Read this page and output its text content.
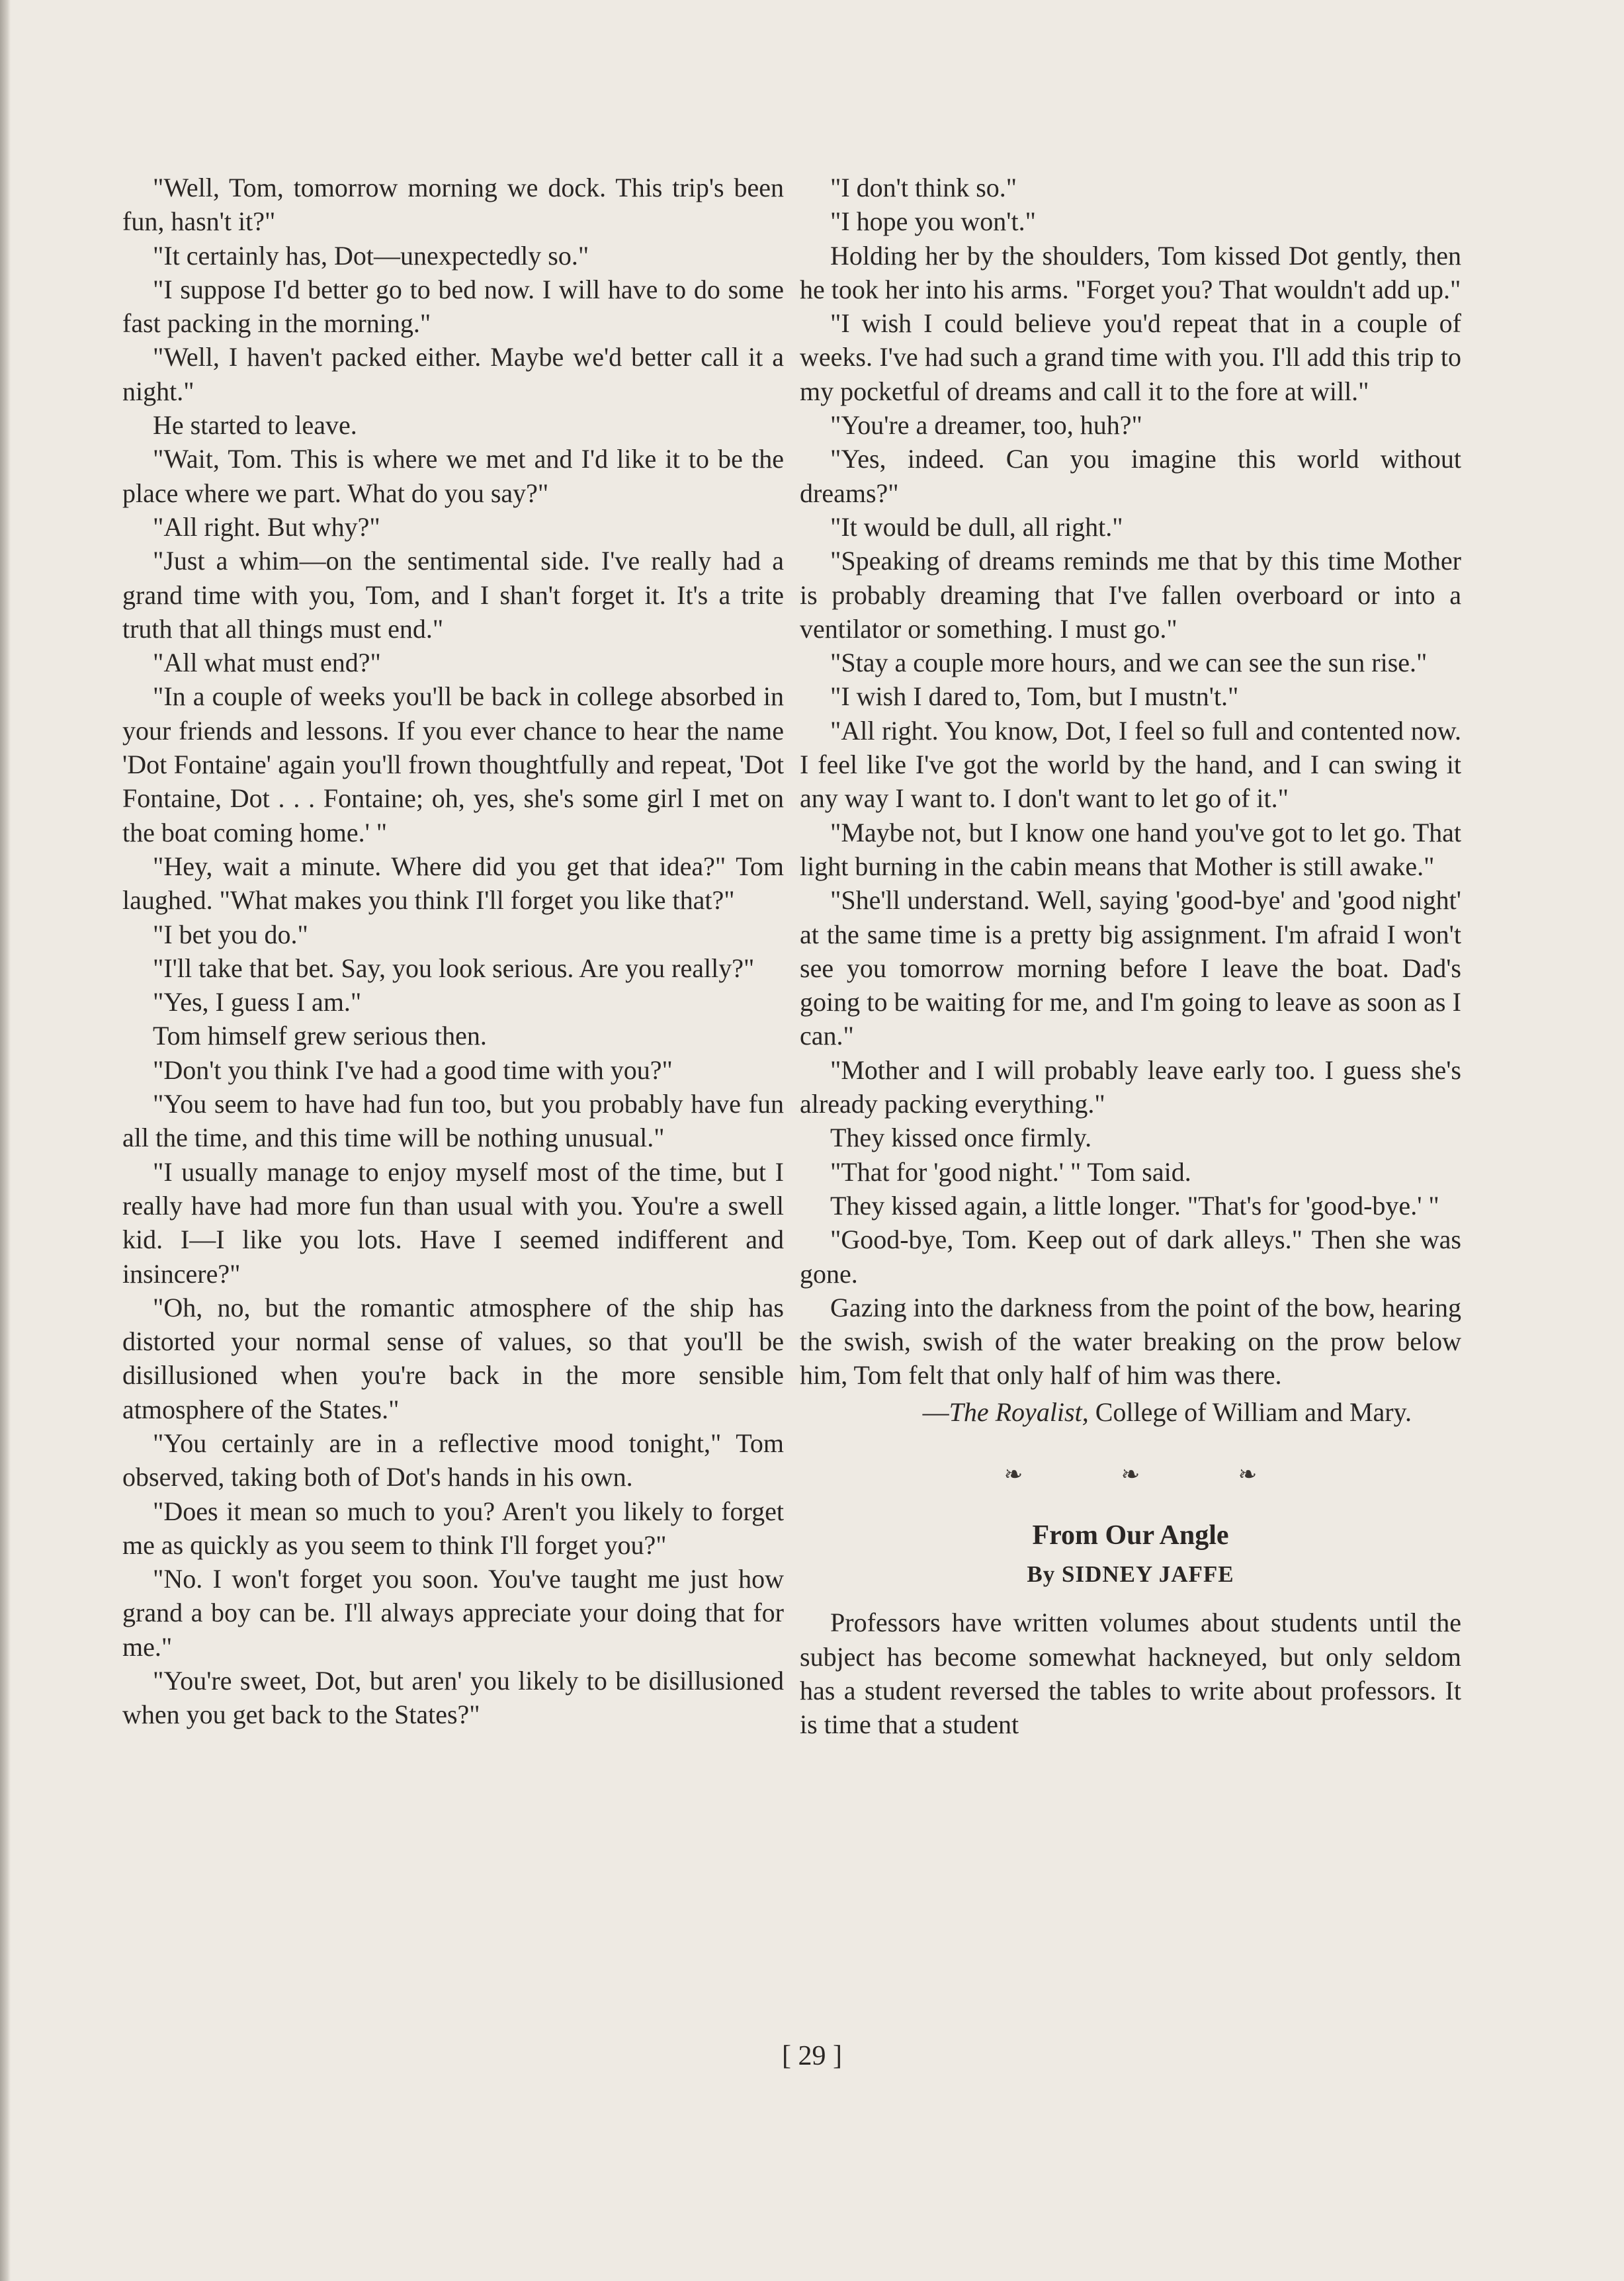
"Well, Tom, tomorrow morning we dock. This trip's been fun, hasn't it?"

"It certainly has, Dot—unexpectedly so."

"I suppose I'd better go to bed now. I will have to do some fast packing in the morning."

"Well, I haven't packed either. Maybe we'd better call it a night."

He started to leave.

"Wait, Tom. This is where we met and I'd like it to be the place where we part. What do you say?"

"All right. But why?"

"Just a whim—on the sentimental side. I've really had a grand time with you, Tom, and I shan't forget it. It's a trite truth that all things must end."

"All what must end?"

"In a couple of weeks you'll be back in college absorbed in your friends and lessons. If you ever chance to hear the name 'Dot Fontaine' again you'll frown thoughtfully and repeat, 'Dot Fontaine, Dot . . . Fontaine; oh, yes, she's some girl I met on the boat coming home.' "

"Hey, wait a minute. Where did you get that idea?" Tom laughed. "What makes you think I'll forget you like that?"

"I bet you do."

"I'll take that bet. Say, you look serious. Are you really?"

"Yes, I guess I am."

Tom himself grew serious then.

"Don't you think I've had a good time with you?"

"You seem to have had fun too, but you probably have fun all the time, and this time will be nothing unusual."

"I usually manage to enjoy myself most of the time, but I really have had more fun than usual with you. You're a swell kid. I—I like you lots. Have I seemed indifferent and insincere?"

"Oh, no, but the romantic atmosphere of the ship has distorted your normal sense of values, so that you'll be disillusioned when you're back in the more sensible atmosphere of the States."

"You certainly are in a reflective mood tonight," Tom observed, taking both of Dot's hands in his own.

"Does it mean so much to you? Aren't you likely to forget me as quickly as you seem to think I'll forget you?"

"No. I won't forget you soon. You've taught me just how grand a boy can be. I'll always appreciate your doing that for me."

"You're sweet, Dot, but aren' you likely to be disillusioned when you get back to the States?"

"I don't think so."

"I hope you won't."

Holding her by the shoulders, Tom kissed Dot gently, then he took her into his arms. "Forget you? That wouldn't add up."

"I wish I could believe you'd repeat that in a couple of weeks. I've had such a grand time with you. I'll add this trip to my pocketful of dreams and call it to the fore at will."

"You're a dreamer, too, huh?"

"Yes, indeed. Can you imagine this world without dreams?"

"It would be dull, all right."

"Speaking of dreams reminds me that by this time Mother is probably dreaming that I've fallen overboard or into a ventilator or something. I must go."

"Stay a couple more hours, and we can see the sun rise."

"I wish I dared to, Tom, but I mustn't."

"All right. You know, Dot, I feel so full and contented now. I feel like I've got the world by the hand, and I can swing it any way I want to. I don't want to let go of it."

"Maybe not, but I know one hand you've got to let go. That light burning in the cabin means that Mother is still awake."

"She'll understand. Well, saying 'good-bye' and 'good night' at the same time is a pretty big assignment. I'm afraid I won't see you tomorrow morning before I leave the boat. Dad's going to be waiting for me, and I'm going to leave as soon as I can."

"Mother and I will probably leave early too. I guess she's already packing everything."

They kissed once firmly.

"That for 'good night.' " Tom said.

They kissed again, a little longer. "That's for 'good-bye.' "

"Good-bye, Tom. Keep out of dark alleys." Then she was gone.

Gazing into the darkness from the point of the bow, hearing the swish, swish of the water breaking on the prow below him, Tom felt that only half of him was there.

—The Royalist, College of William and Mary.

❧ ❧ ❧
From Our Angle
By SIDNEY JAFFE

Professors have written volumes about students until the subject has become somewhat hackneyed, but only seldom has a student reversed the tables to write about professors. It is time that a student

[ 29 ]
